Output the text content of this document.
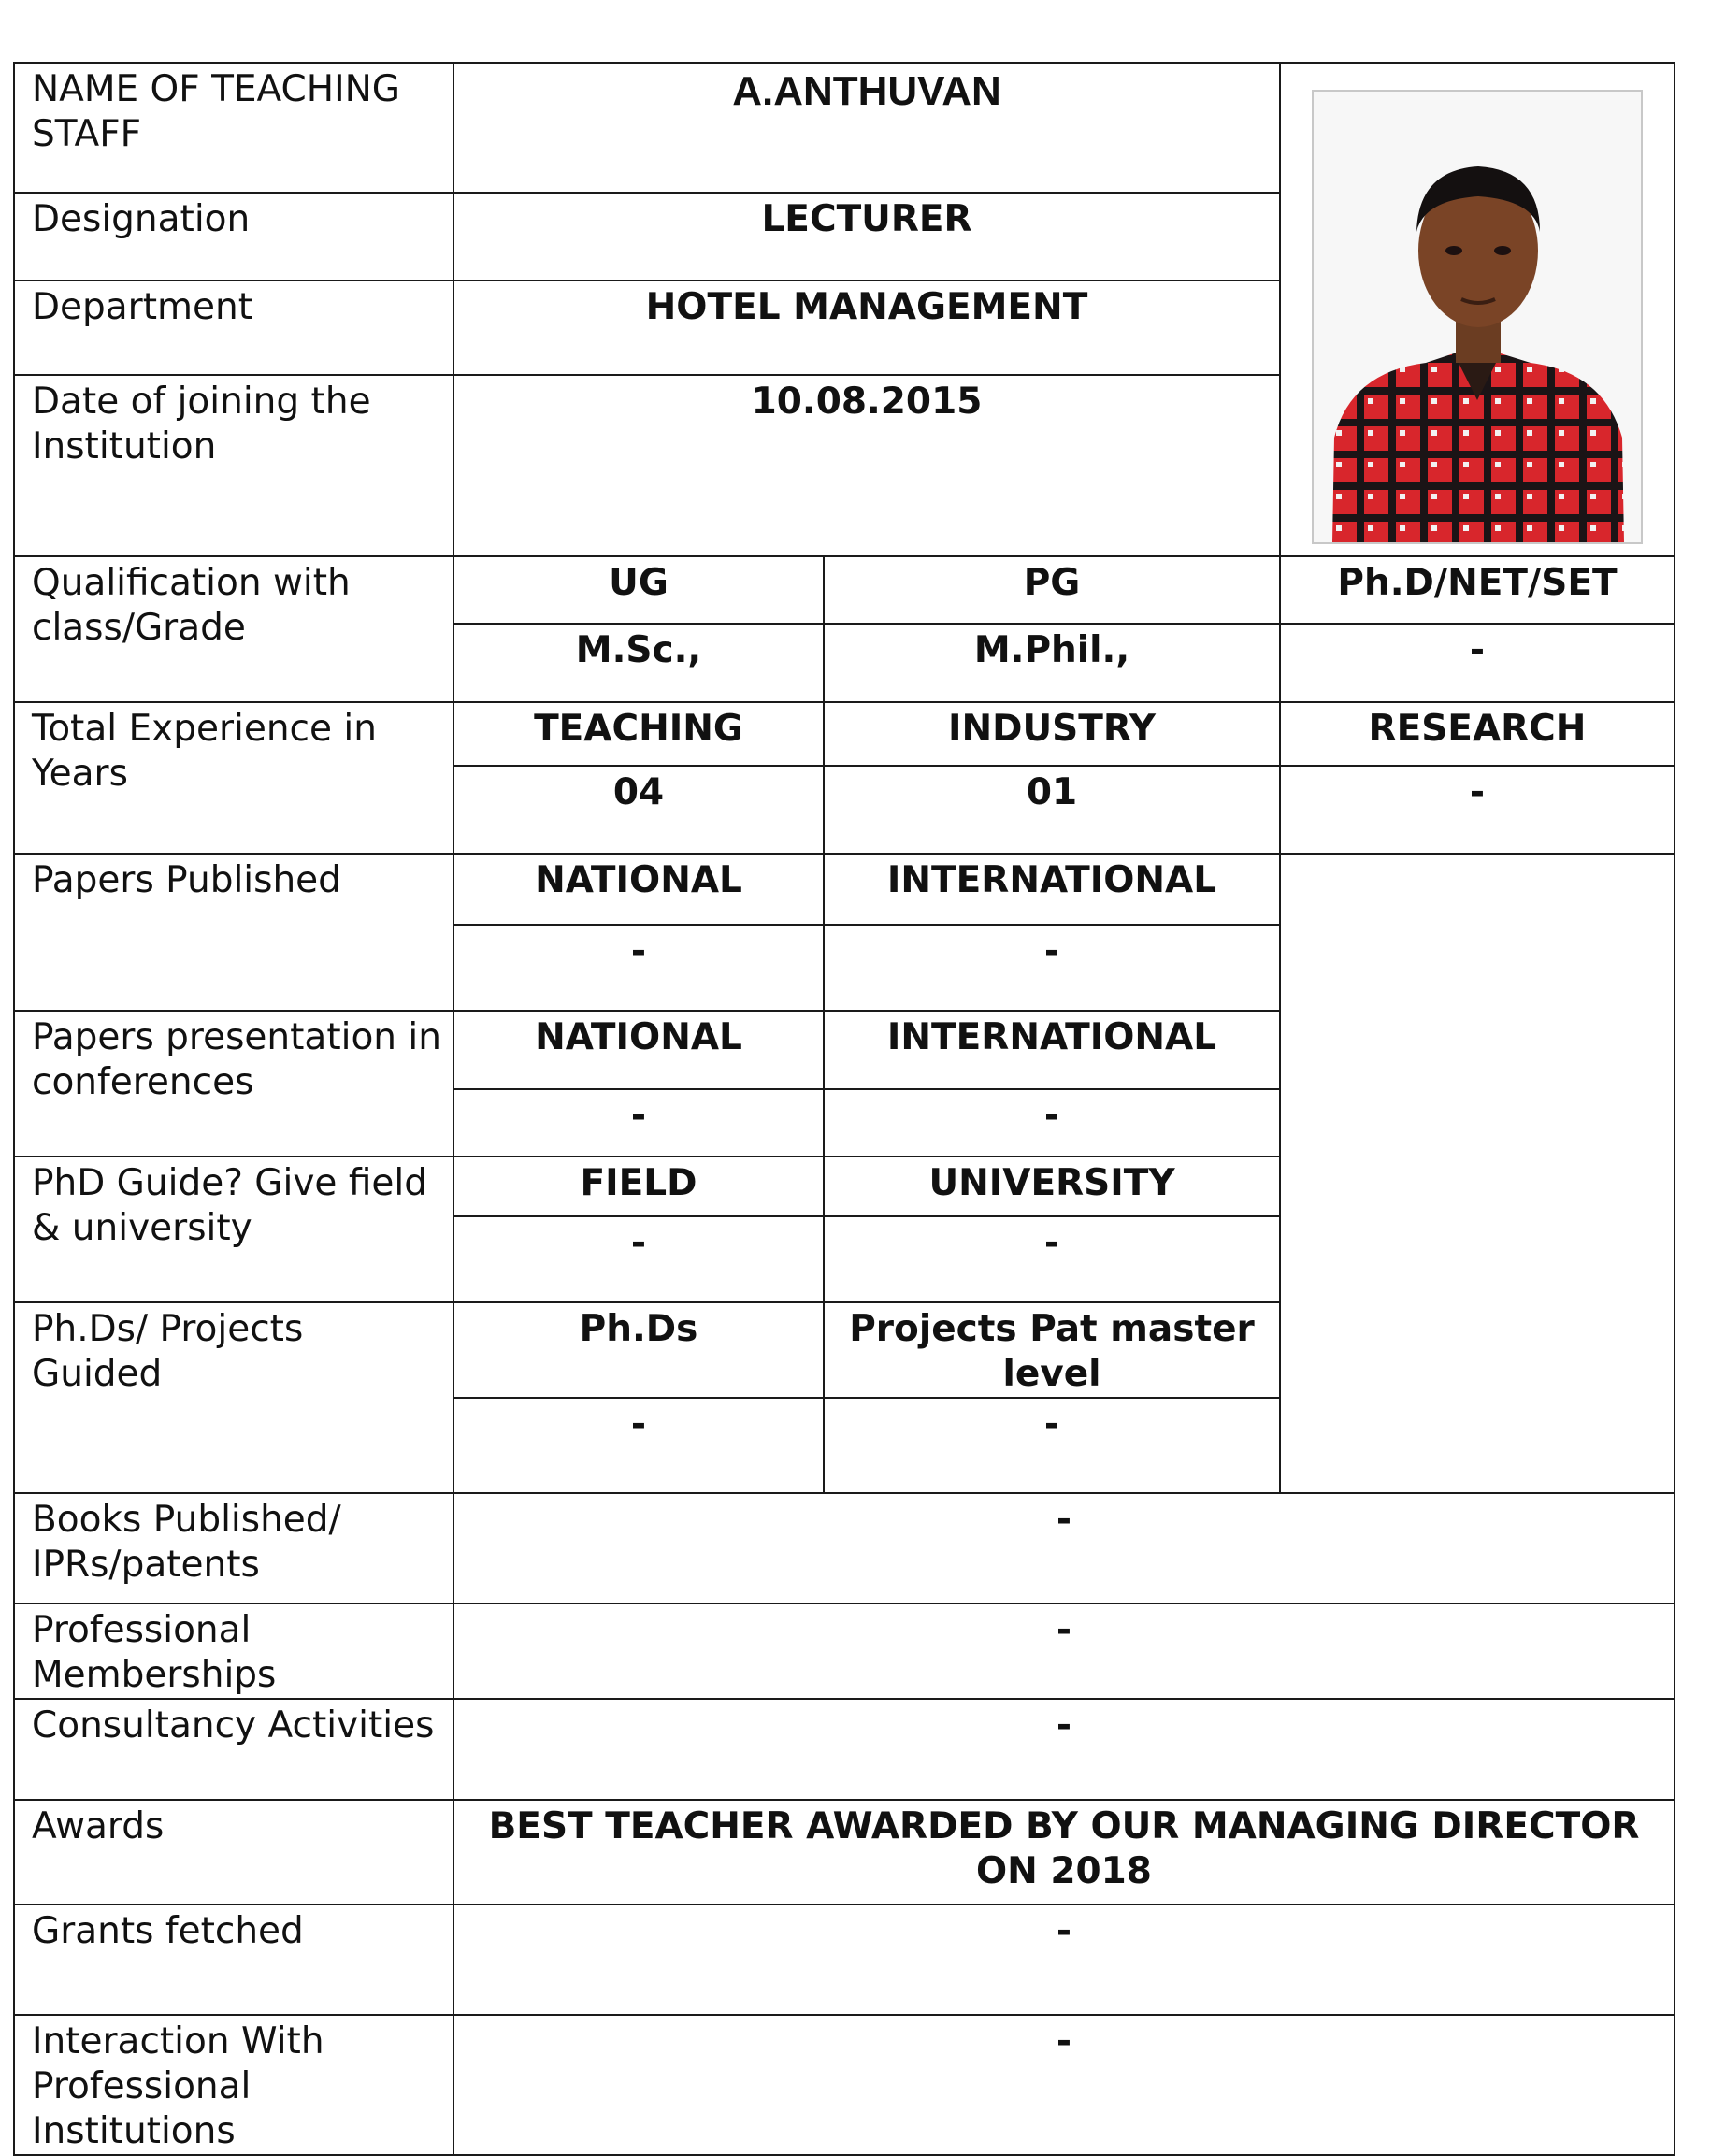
NAME OF TEACHING STAFF	A.ANTHUVAN	
Designation	LECTURER		
Department	HOTEL MANAGEMENT		
Date of joining the Institution	10.08.2015		
Qualification with class/Grade	UG	PG	Ph.D/NET/SET
	M.Sc.,	M.Phil.,	-
Total Experience in Years	TEACHING	INDUSTRY	RESEARCH
	04	01	-
Papers Published	NATIONAL	INTERNATIONAL	
	-	-	
Papers presentation in conferences	NATIONAL	INTERNATIONAL	
	-	-	
PhD Guide? Give field & university	FIELD	UNIVERSITY	
	-	-	
Ph.Ds/ Projects Guided	Ph.Ds	Projects Pat master level	
	-	-	
Books Published/ IPRs/patents	-		
Professional Memberships	-		
Consultancy Activities	-		
Awards	BEST TEACHER AWARDED BY OUR MANAGING DIRECTOR ON 2018		
Grants fetched	-		
Interaction With Professional Institutions	-		
